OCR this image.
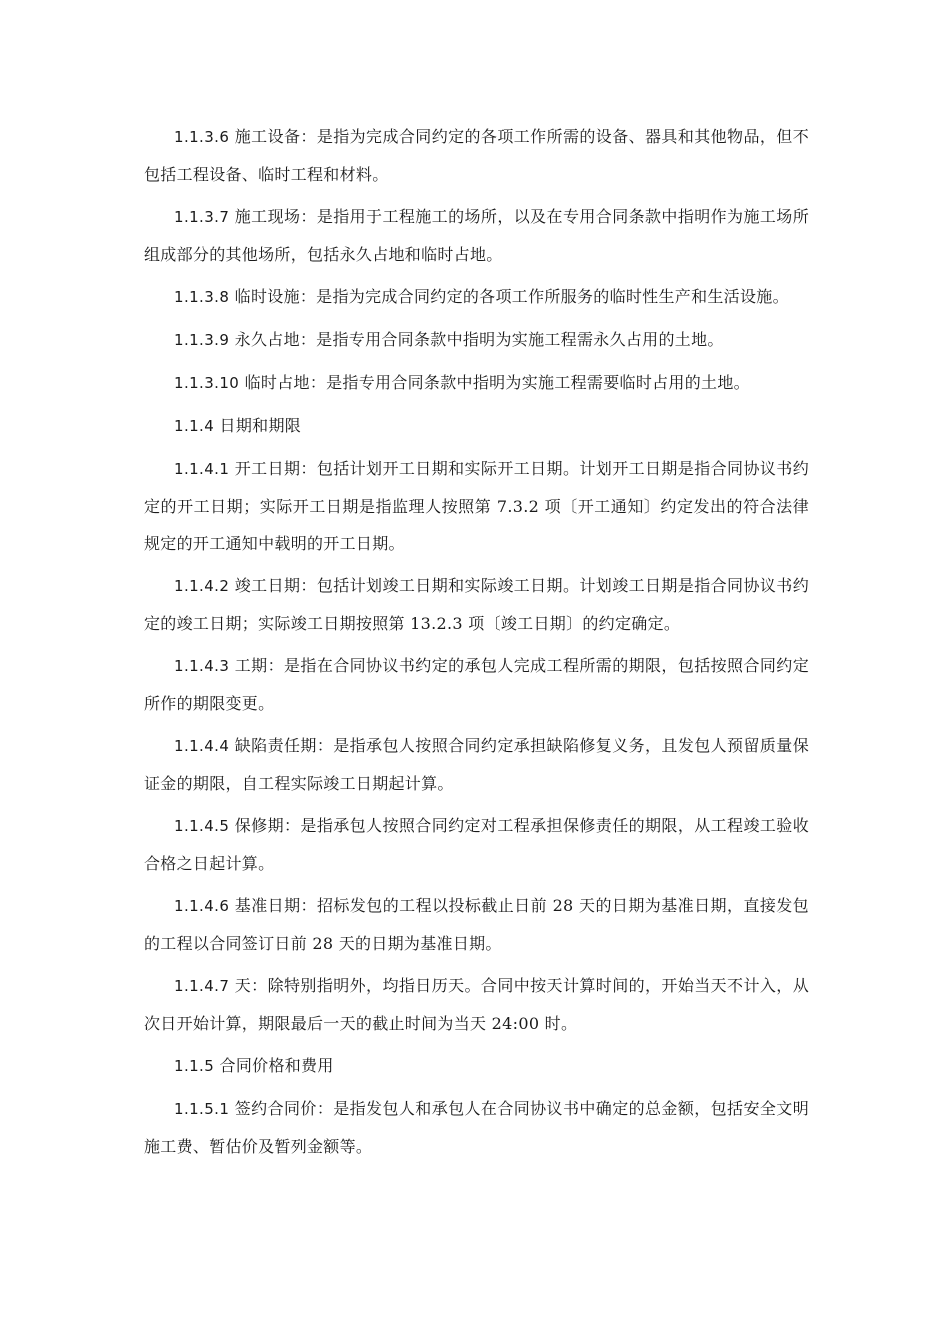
1.1.3.6 施工设备：是指为完成合同约定的各项工作所需的设备、器具和其他物品，但不包括工程设备、临时工程和材料。

1.1.3.7 施工现场：是指用于工程施工的场所，以及在专用合同条款中指明作为施工场所组成部分的其他场所，包括永久占地和临时占地。

1.1.3.8 临时设施：是指为完成合同约定的各项工作所服务的临时性生产和生活设施。

1.1.3.9 永久占地：是指专用合同条款中指明为实施工程需永久占用的土地。

1.1.3.10 临时占地：是指专用合同条款中指明为实施工程需要临时占用的土地。

1.1.4 日期和期限

1.1.4.1 开工日期：包括计划开工日期和实际开工日期。计划开工日期是指合同协议书约定的开工日期；实际开工日期是指监理人按照第 7.3.2 项〔开工通知〕约定发出的符合法律规定的开工通知中载明的开工日期。

1.1.4.2 竣工日期：包括计划竣工日期和实际竣工日期。计划竣工日期是指合同协议书约定的竣工日期；实际竣工日期按照第 13.2.3 项〔竣工日期〕的约定确定。

1.1.4.3 工期：是指在合同协议书约定的承包人完成工程所需的期限，包括按照合同约定所作的期限变更。

1.1.4.4 缺陷责任期：是指承包人按照合同约定承担缺陷修复义务，且发包人预留质量保证金的期限，自工程实际竣工日期起计算。

1.1.4.5 保修期：是指承包人按照合同约定对工程承担保修责任的期限，从工程竣工验收合格之日起计算。

1.1.4.6 基准日期：招标发包的工程以投标截止日前 28 天的日期为基准日期，直接发包的工程以合同签订日前 28 天的日期为基准日期。

1.1.4.7 天：除特别指明外，均指日历天。合同中按天计算时间的，开始当天不计入，从次日开始计算，期限最后一天的截止时间为当天 24:00 时。

1.1.5 合同价格和费用

1.1.5.1 签约合同价：是指发包人和承包人在合同协议书中确定的总金额，包括安全文明施工费、暂估价及暂列金额等。
